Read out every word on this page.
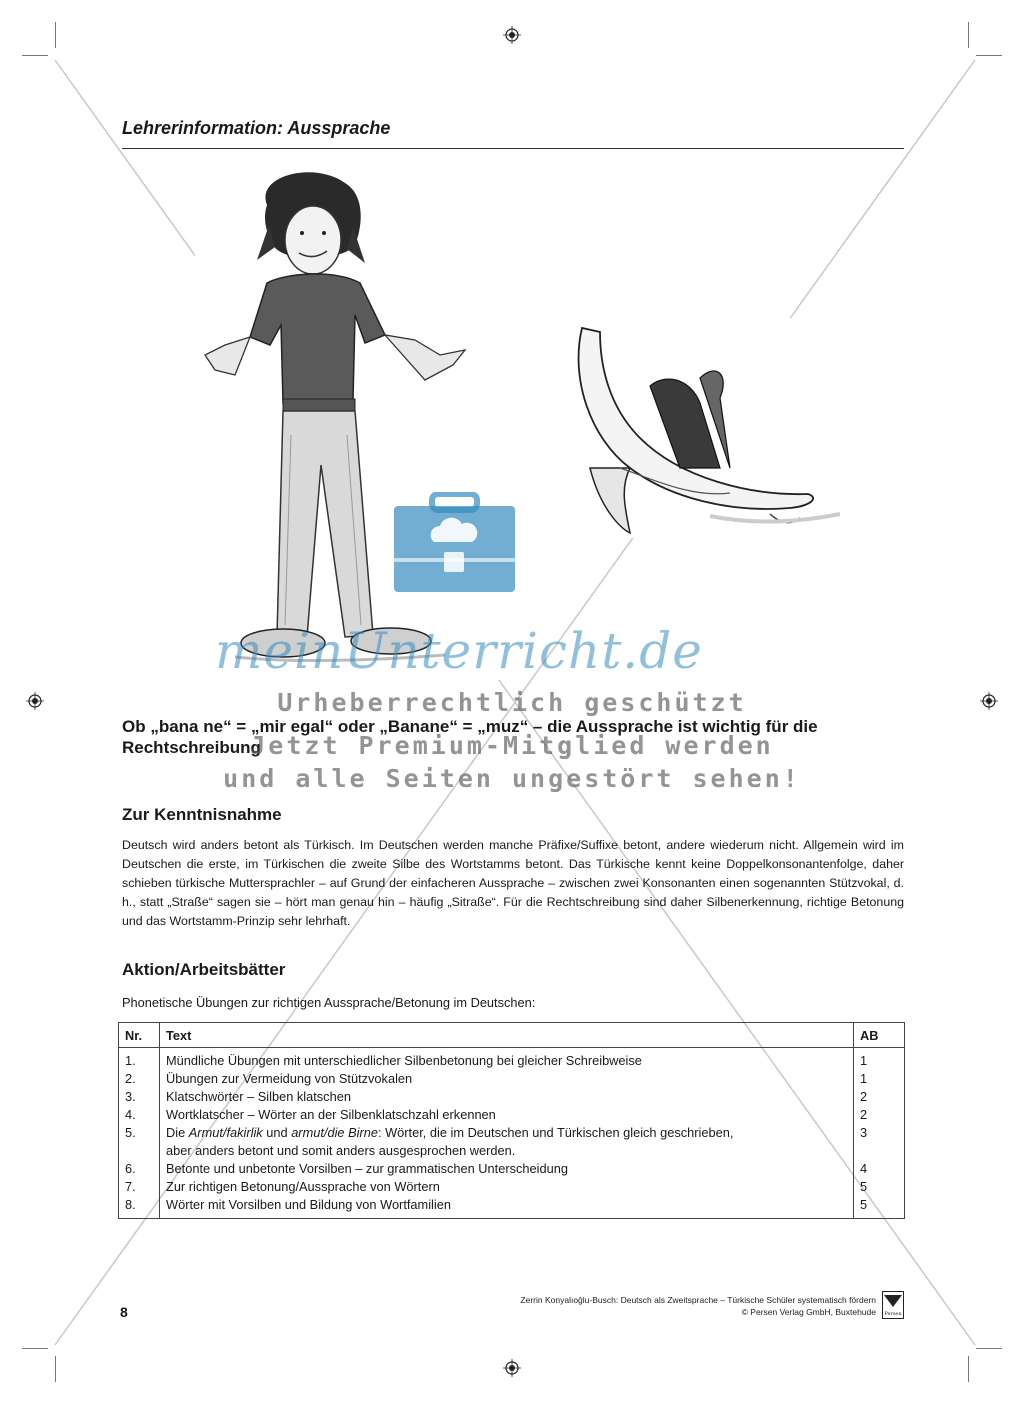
Lehrerinformation: Aussprache
meinUnterricht.de
Ob „bana ne“ = „mir egal“ oder „Banane“ = „muz“ – die Aussprache ist wichtig für die Rechtschreibung
Urheberrechtlich geschützt
Jetzt Premium-Mitglied werden
und alle Seiten ungestört sehen!
Zur Kenntnisnahme
Deutsch wird anders betont als Türkisch. Im Deutschen werden manche Präfixe/Suffixe betont, andere wiederum nicht. Allgemein wird im Deutschen die erste, im Türkischen die zweite Silbe des Wortstamms betont. Das Türkische kennt keine Doppelkonsonantenfolge, daher schieben türkische Muttersprachler – auf Grund der einfacheren Aussprache – zwischen zwei Konsonanten einen sogenannten Stützvokal, d. h., statt „Straße“ sagen sie – hört man genau hin – häufig „Sitraße“. Für die Rechtschreibung sind daher Silbenerkennung, richtige Betonung und das Wortstamm-Prinzip sehr lehrhaft.
Aktion/Arbeitsbätter
Phonetische Übungen zur richtigen Aussprache/Betonung im Deutschen:
Nr.	Text	AB
1.	Mündliche Übungen mit unterschiedlicher Silbenbetonung bei gleicher Schreibweise	1
2.	Übungen zur Vermeidung von Stützvokalen	1
3.	Klatschwörter – Silben klatschen	2
4.	Wortklatscher – Wörter an der Silbenklatschzahl erkennen	2
5.	Die Armut/fakirlik und armut/die Birne: Wörter, die im Deutschen und Türkischen gleich geschrieben,
aber anders betont und somit anders ausgesprochen werden.	3
6.	Betonte und unbetonte Vorsilben – zur grammatischen Unterscheidung	4
7.	Zur richtigen Betonung/Aussprache von Wörtern	5
8.	Wörter mit Vorsilben und Bildung von Wortfamilien	5
8
Zerrin Konyalıoğlu-Busch: Deutsch als Zweitsprache – Türkische Schüler systematisch fördern
© Persen Verlag GmbH, Buxtehude Persen
